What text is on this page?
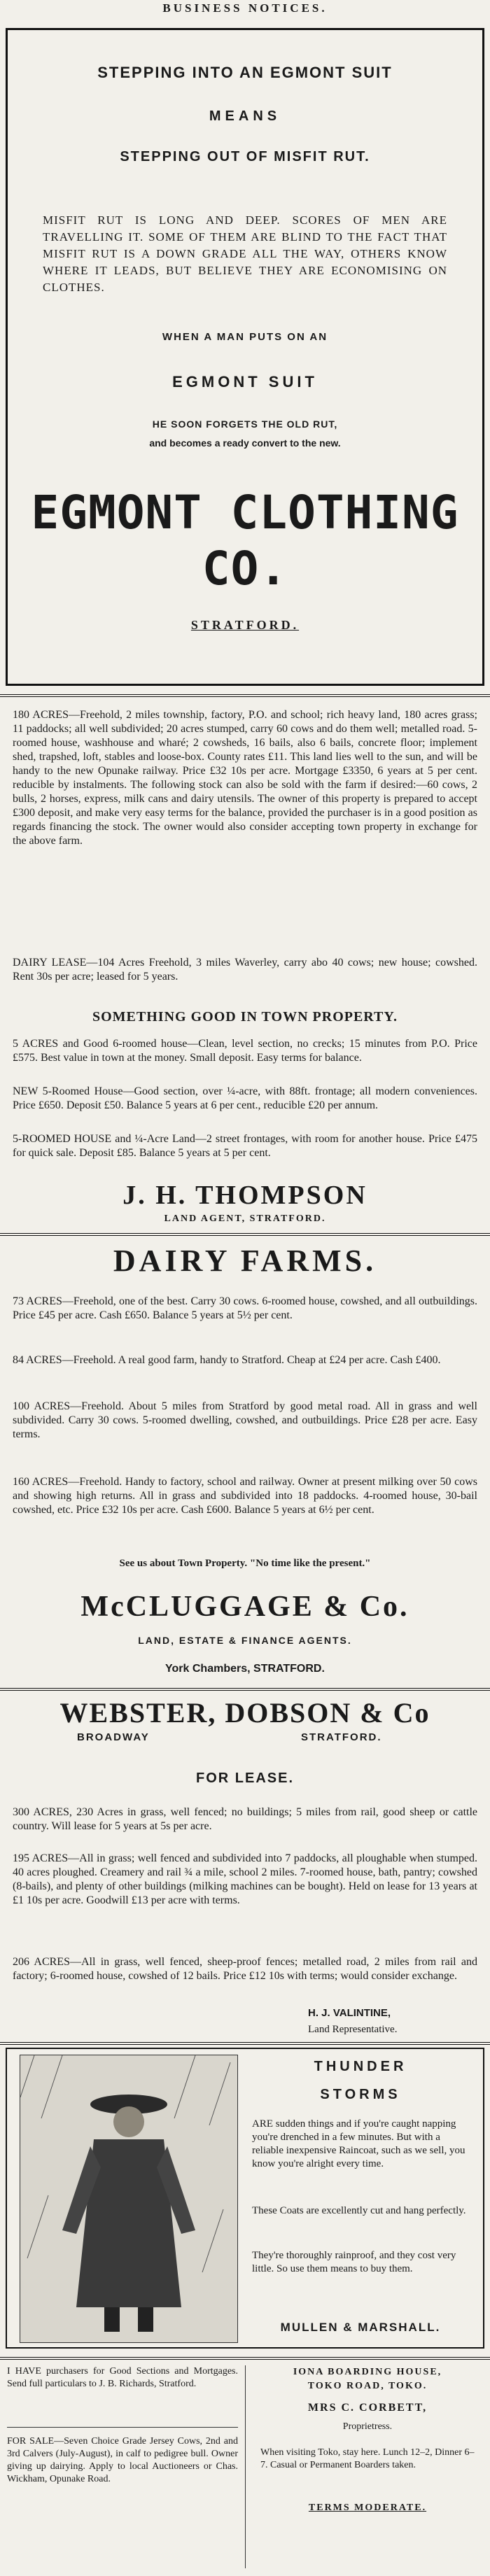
BUSINESS NOTICES.
STEPPING INTO AN EGMONT SUIT
MEANS
STEPPING OUT OF MISFIT RUT.
MISFIT RUT IS LONG AND DEEP. SCORES OF MEN ARE TRAVELLING IT. SOME OF THEM ARE BLIND TO THE FACT THAT MISFIT RUT IS A DOWN GRADE ALL THE WAY, OTHERS KNOW WHERE IT LEADS, BUT BELIEVE THEY ARE ECONOMISING ON CLOTHES.
WHEN A MAN PUTS ON AN
EGMONT SUIT
HE SOON FORGETS THE OLD RUT,
and becomes a ready convert to the new.
EGMONT CLOTHING CO.
STRATFORD.
180 ACRES—Freehold, 2 miles township, factory, P.O. and school; rich heavy land, 180 acres grass; 11 paddocks; all well subdivided; 20 acres stumped, carry 60 cows and do them well; metalled road. 5-roomed house, washhouse and wharé; 2 cowsheds, 16 bails, also 6 bails, concrete floor; implement shed, trapshed, loft, stables and loose-box. County rates £11. This land lies well to the sun, and will be handy to the new Opunake railway. Price £32 10s per acre. Mortgage £3350, 6 years at 5 per cent. reducible by instalments. The following stock can also be sold with the farm if desired:—60 cows, 2 bulls, 2 horses, express, milk cans and dairy utensils. The owner of this property is prepared to accept £300 deposit, and make very easy terms for the balance, provided the purchaser is in a good position as regards financing the stock. The owner would also consider accepting town property in exchange for the above farm.
DAIRY LEASE—104 Acres Freehold, 3 miles Waverley, carry abo 40 cows; new house; cowshed. Rent 30s per acre; leased for 5 years.
SOMETHING GOOD IN TOWN PROPERTY.
5 ACRES and Good 6-roomed house—Clean, level section, no crecks; 15 minutes from P.O. Price £575. Best value in town at the money. Small deposit. Easy terms for balance.
NEW 5-Roomed House—Good section, over ¼-acre, with 88ft. frontage; all modern conveniences. Price £650. Deposit £50. Balance 5 years at 6 per cent., reducible £20 per annum.
5-ROOMED HOUSE and ¼-Acre Land—2 street frontages, with room for another house. Price £475 for quick sale. Deposit £85. Balance 5 years at 5 per cent.
J. H. THOMPSON
LAND AGENT, STRATFORD.
DAIRY FARMS.
73 ACRES—Freehold, one of the best. Carry 30 cows. 6-roomed house, cowshed, and all outbuildings. Price £45 per acre. Cash £650. Balance 5 years at 5½ per cent.
84 ACRES—Freehold. A real good farm, handy to Stratford. Cheap at £24 per acre. Cash £400.
100 ACRES—Freehold. About 5 miles from Stratford by good metal road. All in grass and well subdivided. Carry 30 cows. 5-roomed dwelling, cowshed, and outbuildings. Price £28 per acre. Easy terms.
160 ACRES—Freehold. Handy to factory, school and railway. Owner at present milking over 50 cows and showing high returns. All in grass and subdivided into 18 paddocks. 4-roomed house, 30-bail cowshed, etc. Price £32 10s per acre. Cash £600. Balance 5 years at 6½ per cent.
See us about Town Property. "No time like the present."
McCLUGGAGE & Co.
LAND, ESTATE & FINANCE AGENTS.
York Chambers, STRATFORD.
WEBSTER, DOBSON & Co
BROADWAY	STRATFORD.
FOR LEASE.
300 ACRES, 230 Acres in grass, well fenced; no buildings; 5 miles from rail, good sheep or cattle country. Will lease for 5 years at 5s per acre.
195 ACRES—All in grass; well fenced and subdivided into 7 paddocks, all ploughable when stumped. 40 acres ploughed. Creamery and rail ¾ a mile, school 2 miles. 7-roomed house, bath, pantry; cowshed (8-bails), and plenty of other buildings (milking machines can be bought). Held on lease for 13 years at £1 10s per acre. Goodwill £13 per acre with terms.
206 ACRES—All in grass, well fenced, sheep-proof fences; metalled road, 2 miles from rail and factory; 6-roomed house, cowshed of 12 bails. Price £12 10s with terms; would consider exchange.
H. J. VALINTINE,
Land Representative.
THUNDER
STORMS
ARE sudden things and if you're caught napping you're drenched in a few minutes. But with a reliable inexpensive Raincoat, such as we sell, you know you're alright every time.
These Coats are excellently cut and hang perfectly.
They're thoroughly rainproof, and they cost very little. So use them means to buy them.
MULLEN & MARSHALL.
I HAVE purchasers for Good Sections and Mortgages. Send full particulars to J. B. Richards, Stratford.
FOR SALE—Seven Choice Grade Jersey Cows, 2nd and 3rd Calvers (July-August), in calf to pedigree bull. Owner giving up dairying. Apply to local Auctioneers or Chas. Wickham, Opunake Road.
IONA BOARDING HOUSE,
TOKO ROAD, TOKO.
MRS C. CORBETT,
Proprietress.
When visiting Toko, stay here. Lunch 12–2, Dinner 6–7. Casual or Permanent Boarders taken.
TERMS MODERATE.
